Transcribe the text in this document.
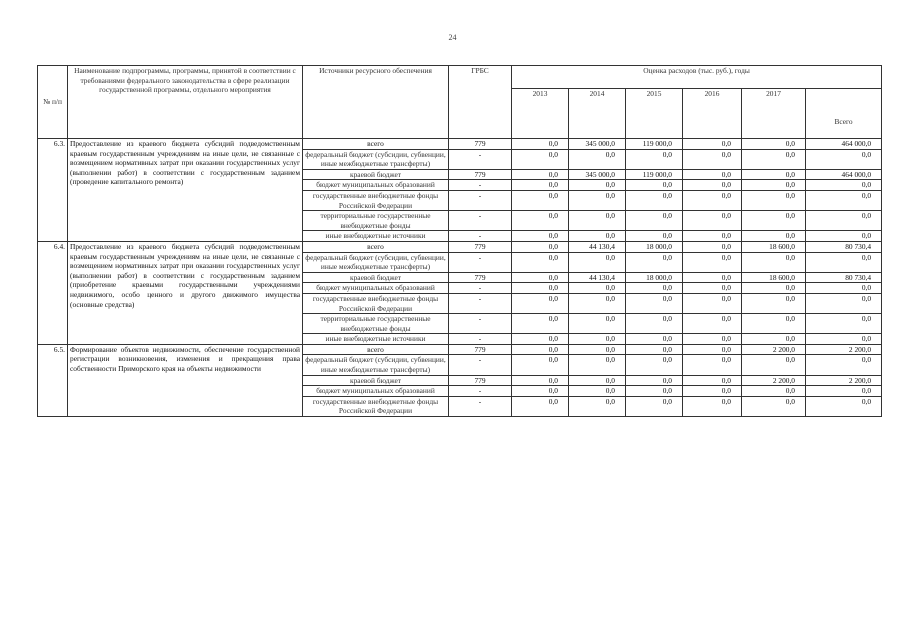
24
№ п/п	Наименование подпрограммы, программы, принятой в соответствии с требованиями федерального законодательства в сфере реализации государственной программы, отдельного мероприятия	Источники ресурсного обеспечения	ГРБС	Оценка расходов (тыс. руб.), годы					
				2013	2014	2015	2016	2017	Всего
6.3.	Предоставление из краевого бюджета субсидий подведомственным краевым государственным учреждениям на иные цели, не связанные с возмещением нормативных затрат при оказании государственных услуг (выполнении работ) в соответствии с государственным заданием (проведение капитального ремонта)	всего	779	0,0	345 000,0	119 000,0	0,0	0,0	464 000,0
		федеральный бюджет (субсидии, субвенции, иные межбюджетные трансферты)	-	0,0	0,0	0,0	0,0	0,0	0,0
		краевой бюджет	779	0,0	345 000,0	119 000,0	0,0	0,0	464 000,0
		бюджет муниципальных образований	-	0,0	0,0	0,0	0,0	0,0	0,0
		государственные внебюджетные фонды Российской Федерации	-	0,0	0,0	0,0	0,0	0,0	0,0
		территориальные государственные внебюджетные фонды	-	0,0	0,0	0,0	0,0	0,0	0,0
		иные внебюджетные источники	-	0,0	0,0	0,0	0,0	0,0	0,0
6.4.	Предоставление из краевого бюджета субсидий подведомственным краевым государственным учреждениям на иные цели, не связанные с возмещением нормативных затрат при оказании государственных услуг (выполнении работ) в соответствии с государственным заданием (приобретение краевыми государственными учреждениями недвижимого, особо ценного и другого движимого имущества (основные средства)	всего	779	0,0	44 130,4	18 000,0	0,0	18 600,0	80 730,4
		федеральный бюджет (субсидии, субвенции, иные межбюджетные трансферты)	-	0,0	0,0	0,0	0,0	0,0	0,0
		краевой бюджет	779	0,0	44 130,4	18 000,0	0,0	18 600,0	80 730,4
		бюджет муниципальных образований	-	0,0	0,0	0,0	0,0	0,0	0,0
		государственные внебюджетные фонды Российской Федерации	-	0,0	0,0	0,0	0,0	0,0	0,0
		территориальные государственные внебюджетные фонды	-	0,0	0,0	0,0	0,0	0,0	0,0
		иные внебюджетные источники	-	0,0	0,0	0,0	0,0	0,0	0,0
6.5.	Формирование объектов недвижимости, обеспечение государственной регистрации возникновения, изменения и прекращения права собственности Приморского края на объекты недвижимости	всего	779	0,0	0,0	0,0	0,0	2 200,0	2 200,0
		федеральный бюджет (субсидии, субвенции, иные межбюджетные трансферты)	-	0,0	0,0	0,0	0,0	0,0	0,0
		краевой бюджет	779	0,0	0,0	0,0	0,0	2 200,0	2 200,0
		бюджет муниципальных образований	-	0,0	0,0	0,0	0,0	0,0	0,0
		государственные внебюджетные фонды Российской Федерации	-	0,0	0,0	0,0	0,0	0,0	0,0
